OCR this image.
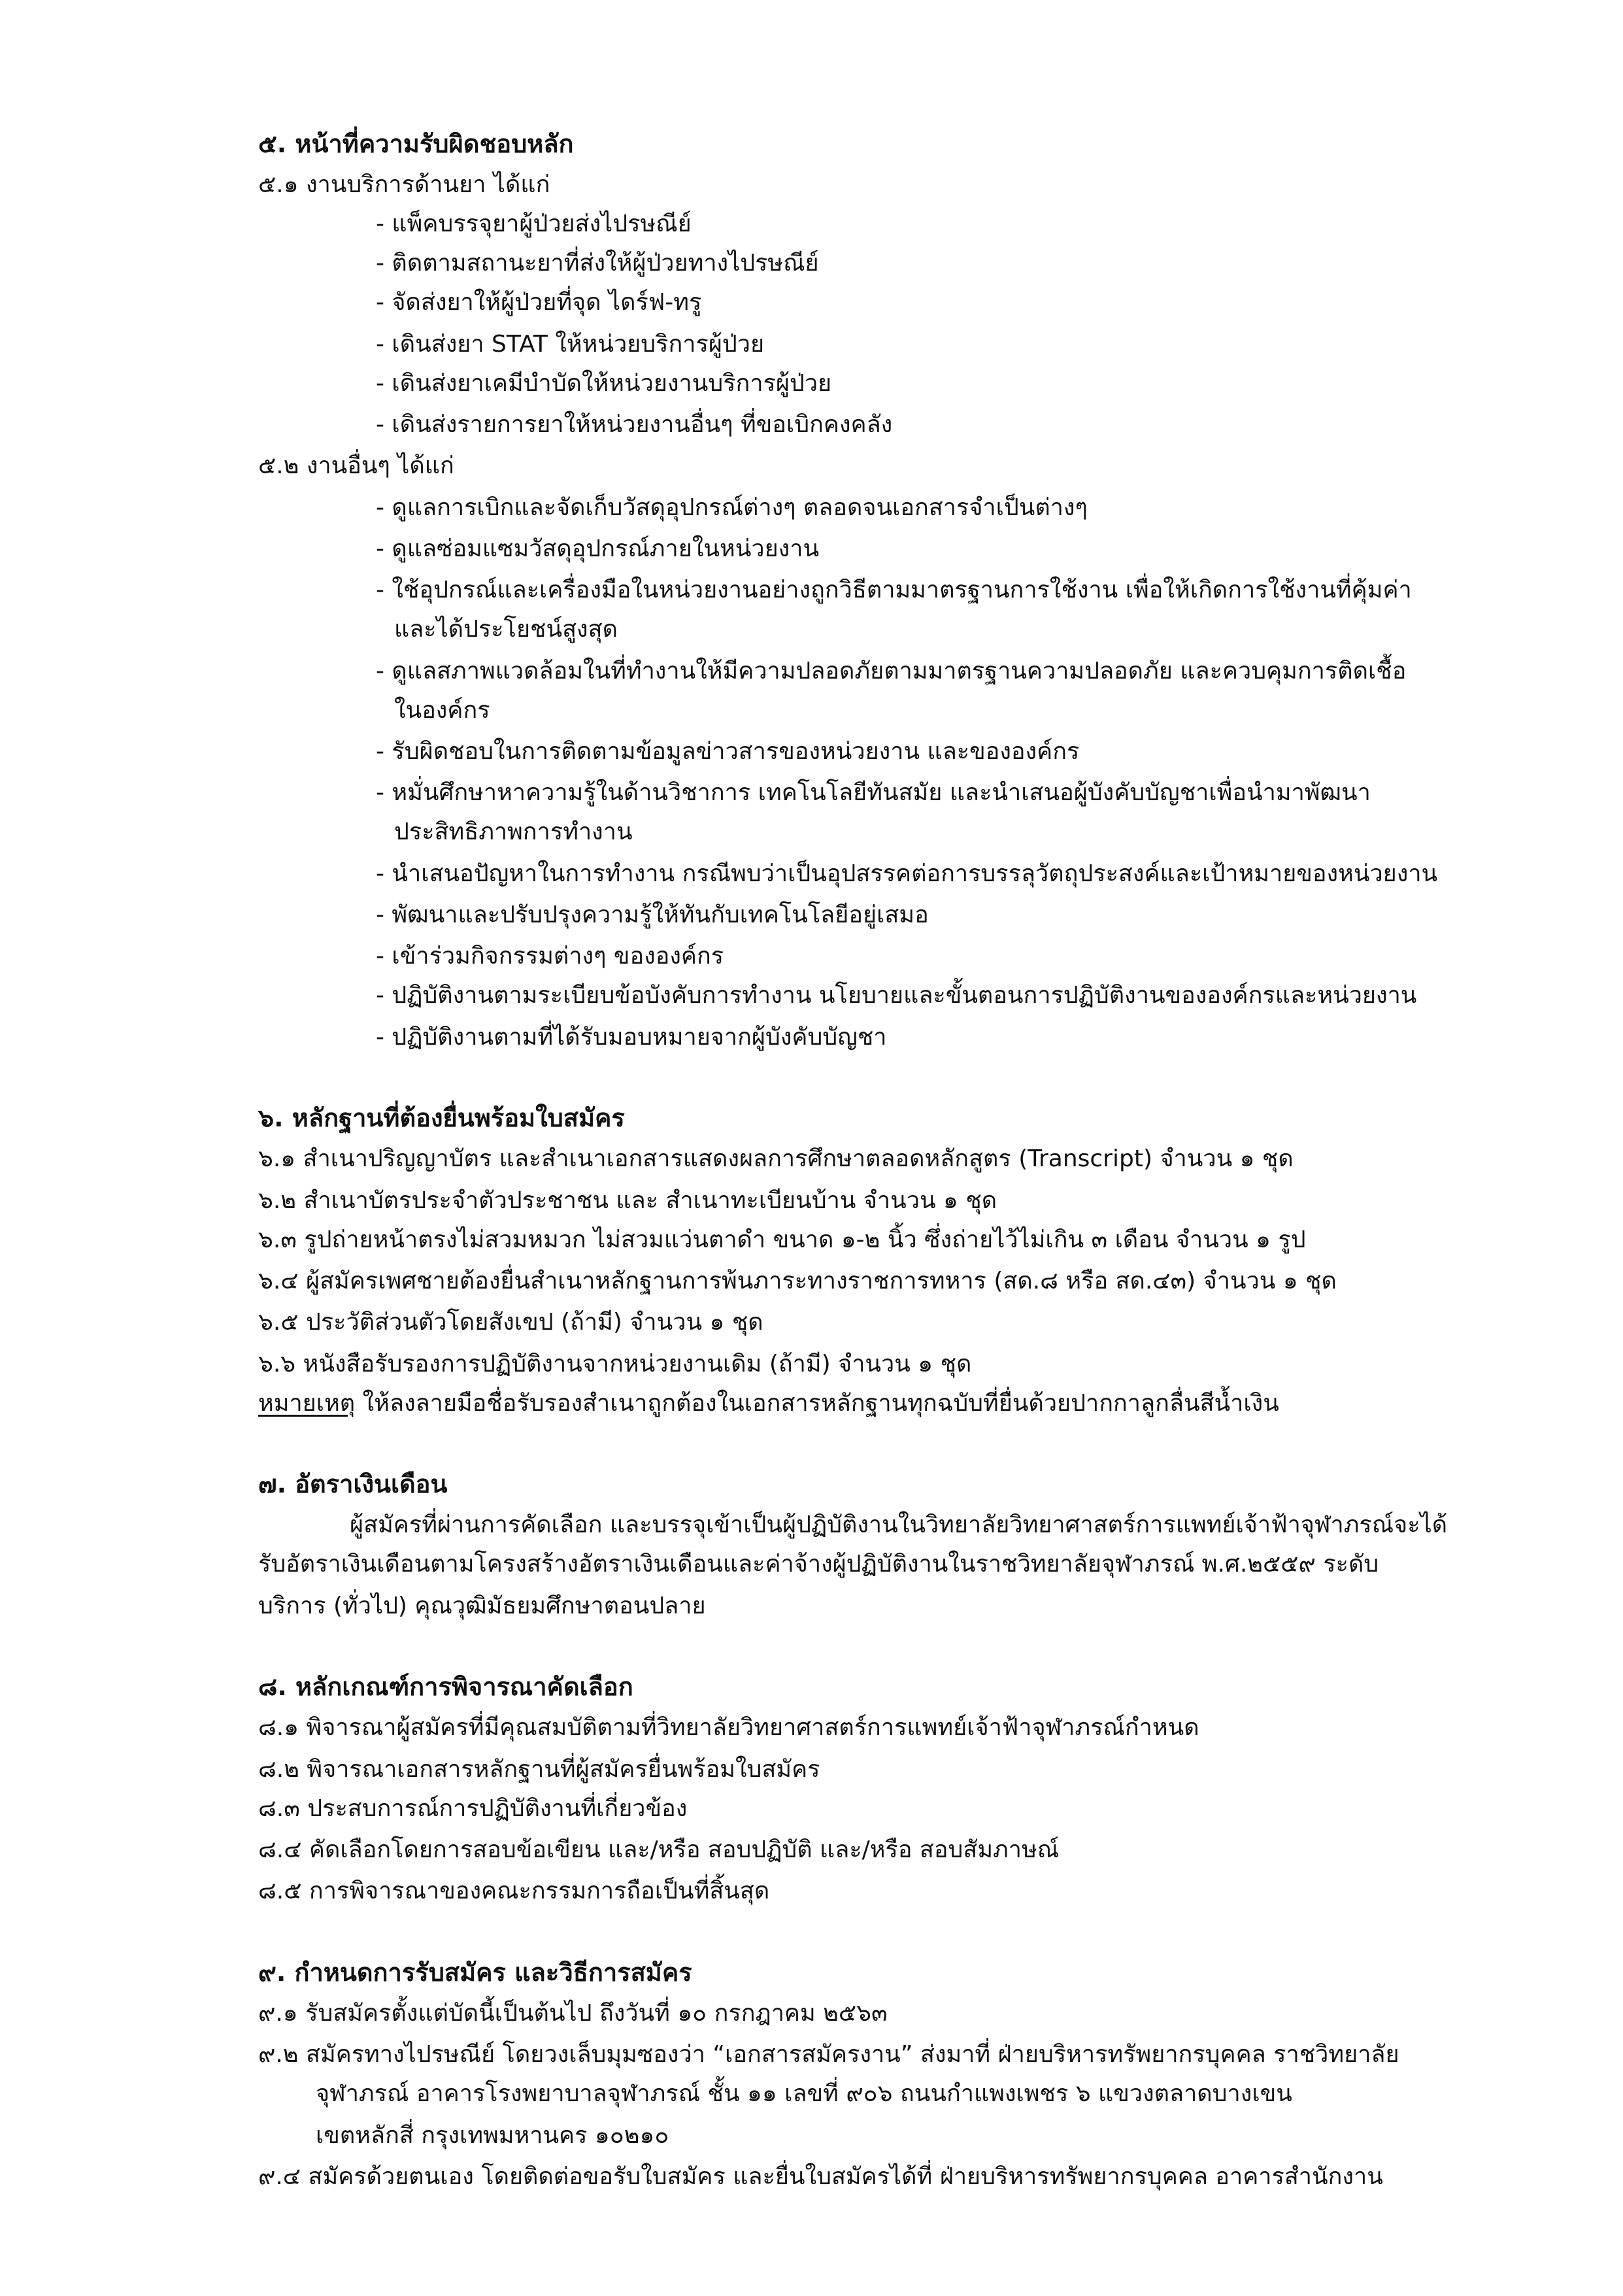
๕. หน้าที่ความรับผิดชอบหลัก
๕.๑ งานบริการด้านยา ได้แก่
- แพ็คบรรจุยาผู้ป่วยส่งไปรษณีย์
- ติดตามสถานะยาที่ส่งให้ผู้ป่วยทางไปรษณีย์
- จัดส่งยาให้ผู้ป่วยที่จุด ไดร์ฟ-ทรู
- เดินส่งยา STAT ให้หน่วยบริการผู้ป่วย
- เดินส่งยาเคมีบำบัดให้หน่วยงานบริการผู้ป่วย
- เดินส่งรายการยาให้หน่วยงานอื่นๆ ที่ขอเบิกคงคลัง
๕.๒ งานอื่นๆ ได้แก่
- ดูแลการเบิกและจัดเก็บวัสดุอุปกรณ์ต่างๆ ตลอดจนเอกสารจำเป็นต่างๆ
- ดูแลซ่อมแซมวัสดุอุปกรณ์ภายในหน่วยงาน
- ใช้อุปกรณ์และเครื่องมือในหน่วยงานอย่างถูกวิธีตามมาตรฐานการใช้งาน เพื่อให้เกิดการใช้งานที่คุ้มค่า
และได้ประโยชน์สูงสุด
- ดูแลสภาพแวดล้อมในที่ทำงานให้มีความปลอดภัยตามมาตรฐานความปลอดภัย และควบคุมการติดเชื้อ
ในองค์กร
- รับผิดชอบในการติดตามข้อมูลข่าวสารของหน่วยงาน และขององค์กร
- หมั่นศึกษาหาความรู้ในด้านวิชาการ เทคโนโลยีทันสมัย และนำเสนอผู้บังคับบัญชาเพื่อนำมาพัฒนา
ประสิทธิภาพการทำงาน
- นำเสนอปัญหาในการทำงาน กรณีพบว่าเป็นอุปสรรคต่อการบรรลุวัตถุประสงค์และเป้าหมายของหน่วยงาน
- พัฒนาและปรับปรุงความรู้ให้ทันกับเทคโนโลยีอยู่เสมอ
- เข้าร่วมกิจกรรมต่างๆ ขององค์กร
- ปฏิบัติงานตามระเบียบข้อบังคับการทำงาน นโยบายและขั้นตอนการปฏิบัติงานขององค์กรและหน่วยงาน
- ปฏิบัติงานตามที่ได้รับมอบหมายจากผู้บังคับบัญชา
๖. หลักฐานที่ต้องยื่นพร้อมใบสมัคร
๖.๑ สำเนาปริญญาบัตร และสำเนาเอกสารแสดงผลการศึกษาตลอดหลักสูตร (Transcript) จำนวน ๑ ชุด
๖.๒ สำเนาบัตรประจำตัวประชาชน และ สำเนาทะเบียนบ้าน จำนวน ๑ ชุด
๖.๓ รูปถ่ายหน้าตรงไม่สวมหมวก ไม่สวมแว่นตาดำ ขนาด ๑-๒ นิ้ว ซึ่งถ่ายไว้ไม่เกิน ๓ เดือน จำนวน ๑ รูป
๖.๔ ผู้สมัครเพศชายต้องยื่นสำเนาหลักฐานการพ้นภาระทางราชการทหาร (สด.๘ หรือ สด.๔๓) จำนวน ๑ ชุด
๖.๕ ประวัติส่วนตัวโดยสังเขป (ถ้ามี) จำนวน ๑ ชุด
๖.๖ หนังสือรับรองการปฏิบัติงานจากหน่วยงานเดิม (ถ้ามี) จำนวน ๑ ชุด
หมายเหตุ ให้ลงลายมือชื่อรับรองสำเนาถูกต้องในเอกสารหลักฐานทุกฉบับที่ยื่นด้วยปากกาลูกลื่นสีน้ำเงิน
๗. อัตราเงินเดือน
ผู้สมัครที่ผ่านการคัดเลือก และบรรจุเข้าเป็นผู้ปฏิบัติงานในวิทยาลัยวิทยาศาสตร์การแพทย์เจ้าฟ้าจุฬาภรณ์จะได้
รับอัตราเงินเดือนตามโครงสร้างอัตราเงินเดือนและค่าจ้างผู้ปฏิบัติงานในราชวิทยาลัยจุฬาภรณ์ พ.ศ.๒๕๕๙ ระดับ
บริการ (ทั่วไป) คุณวุฒิมัธยมศึกษาตอนปลาย
๘. หลักเกณฑ์การพิจารณาคัดเลือก
๘.๑ พิจารณาผู้สมัครที่มีคุณสมบัติตามที่วิทยาลัยวิทยาศาสตร์การแพทย์เจ้าฟ้าจุฬาภรณ์กำหนด
๘.๒ พิจารณาเอกสารหลักฐานที่ผู้สมัครยื่นพร้อมใบสมัคร
๘.๓ ประสบการณ์การปฏิบัติงานที่เกี่ยวข้อง
๘.๔ คัดเลือกโดยการสอบข้อเขียน และ/หรือ สอบปฏิบัติ และ/หรือ สอบสัมภาษณ์
๘.๕ การพิจารณาของคณะกรรมการถือเป็นที่สิ้นสุด
๙. กำหนดการรับสมัคร และวิธีการสมัคร
๙.๑ รับสมัครตั้งแต่บัดนี้เป็นต้นไป ถึงวันที่ ๑๐ กรกฎาคม ๒๕๖๓
๙.๒ สมัครทางไปรษณีย์ โดยวงเล็บมุมซองว่า “เอกสารสมัครงาน” ส่งมาที่ ฝ่ายบริหารทรัพยากรบุคคล ราชวิทยาลัย
จุฬาภรณ์ อาคารโรงพยาบาลจุฬาภรณ์ ชั้น ๑๑ เลขที่ ๙๐๖ ถนนกำแพงเพชร ๖ แขวงตลาดบางเขน
เขตหลักสี่ กรุงเทพมหานคร ๑๐๒๑๐
๙.๔ สมัครด้วยตนเอง โดยติดต่อขอรับใบสมัคร และยื่นใบสมัครได้ที่ ฝ่ายบริหารทรัพยากรบุคคล อาคารสำนักงาน
